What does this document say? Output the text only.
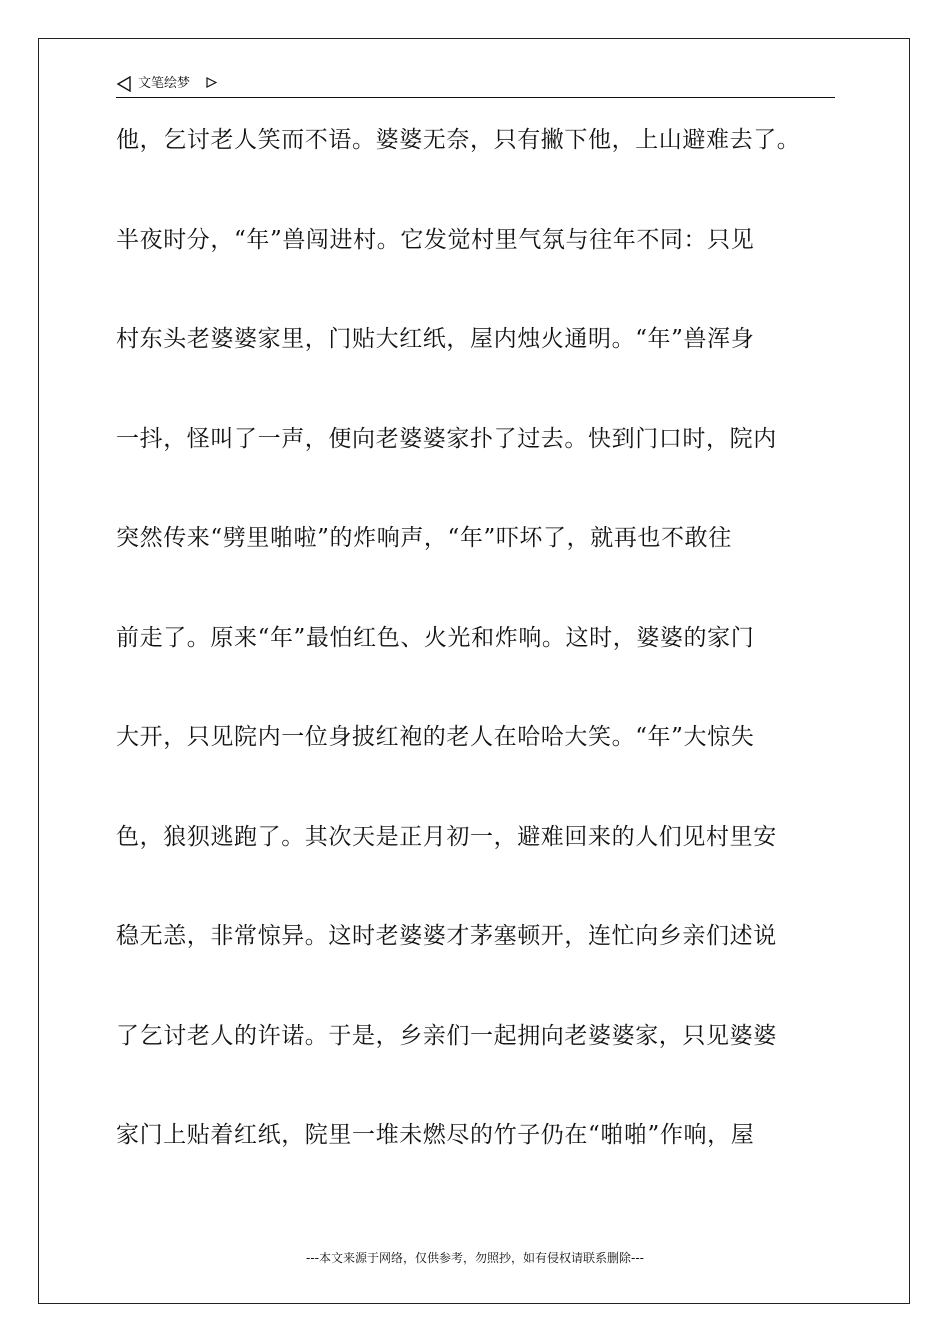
文笔绘梦
他，乞讨老人笑而不语。婆婆无奈，只有撇下他，上山避难去了。
半夜时分，“年”兽闯进村。它发觉村里气氛与往年不同：只见
村东头老婆婆家里，门贴大红纸，屋内烛火通明。“年”兽浑身
一抖，怪叫了一声，便向老婆婆家扑了过去。快到门口时，院内
突然传来“劈里啪啦”的炸响声，“年”吓坏了，就再也不敢往
前走了。原来“年”最怕红色、火光和炸响。这时，婆婆的家门
大开，只见院内一位身披红袍的老人在哈哈大笑。“年”大惊失
色，狼狈逃跑了。其次天是正月初一，避难回来的人们见村里安
稳无恙，非常惊异。这时老婆婆才茅塞顿开，连忙向乡亲们述说
了乞讨老人的许诺。于是，乡亲们一起拥向老婆婆家，只见婆婆
家门上贴着红纸，院里一堆未燃尽的竹子仍在“啪啪”作响，屋
---本文来源于网络，仅供参考，勿照抄，如有侵权请联系删除---
